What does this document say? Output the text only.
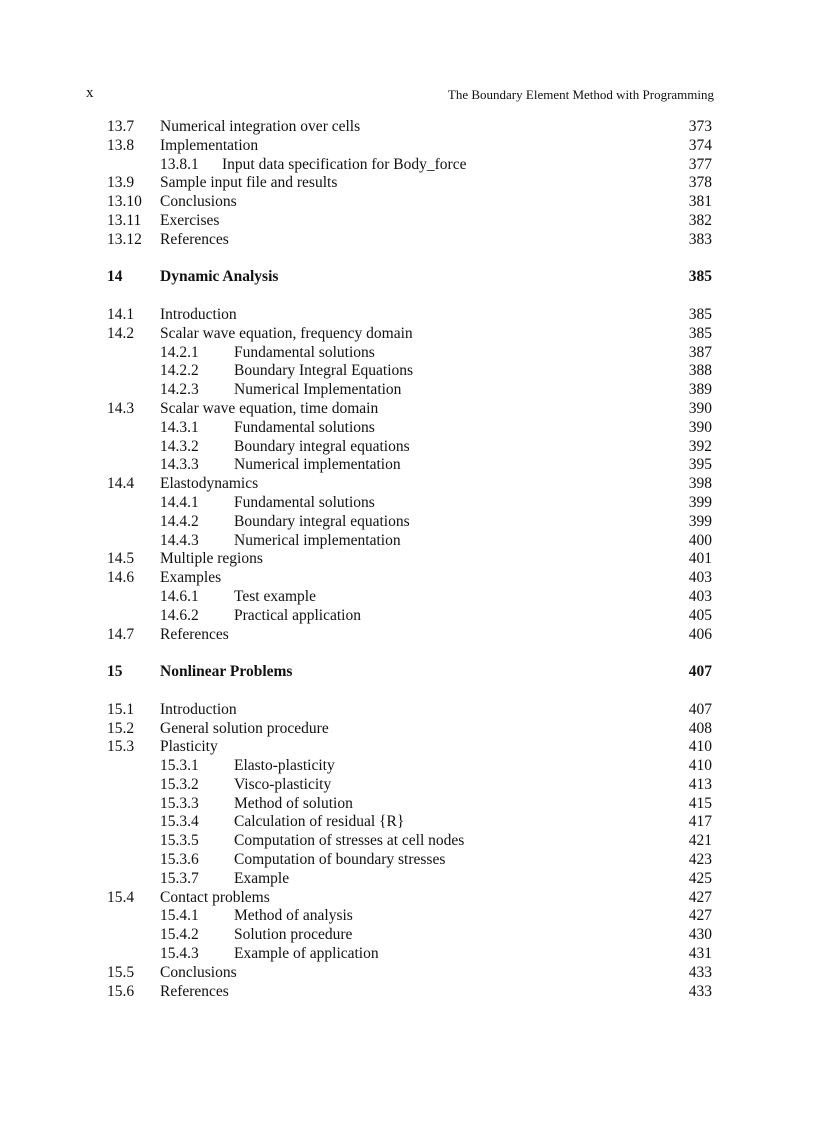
x	The Boundary Element Method with Programming
13.7 Numerical integration over cells	373
13.8 Implementation	374
13.8.1 Input data specification for Body_force	377
13.9 Sample input file and results	378
13.10 Conclusions	381
13.11 Exercises	382
13.12 References	383
14 Dynamic Analysis	385
14.1 Introduction	385
14.2 Scalar wave equation, frequency domain	385
14.2.1 Fundamental solutions	387
14.2.2 Boundary Integral Equations	388
14.2.3 Numerical Implementation	389
14.3 Scalar wave equation, time domain	390
14.3.1 Fundamental solutions	390
14.3.2 Boundary integral equations	392
14.3.3 Numerical implementation	395
14.4 Elastodynamics	398
14.4.1 Fundamental solutions	399
14.4.2 Boundary integral equations	399
14.4.3 Numerical implementation	400
14.5 Multiple regions	401
14.6 Examples	403
14.6.1 Test example	403
14.6.2 Practical application	405
14.7 References	406
15 Nonlinear Problems	407
15.1 Introduction	407
15.2 General solution procedure	408
15.3 Plasticity	410
15.3.1 Elasto-plasticity	410
15.3.2 Visco-plasticity	413
15.3.3 Method of solution	415
15.3.4 Calculation of residual {R}	417
15.3.5 Computation of stresses at cell nodes	421
15.3.6 Computation of boundary stresses	423
15.3.7 Example	425
15.4 Contact problems	427
15.4.1 Method of analysis	427
15.4.2 Solution procedure	430
15.4.3 Example of application	431
15.5 Conclusions	433
15.6 References	433
